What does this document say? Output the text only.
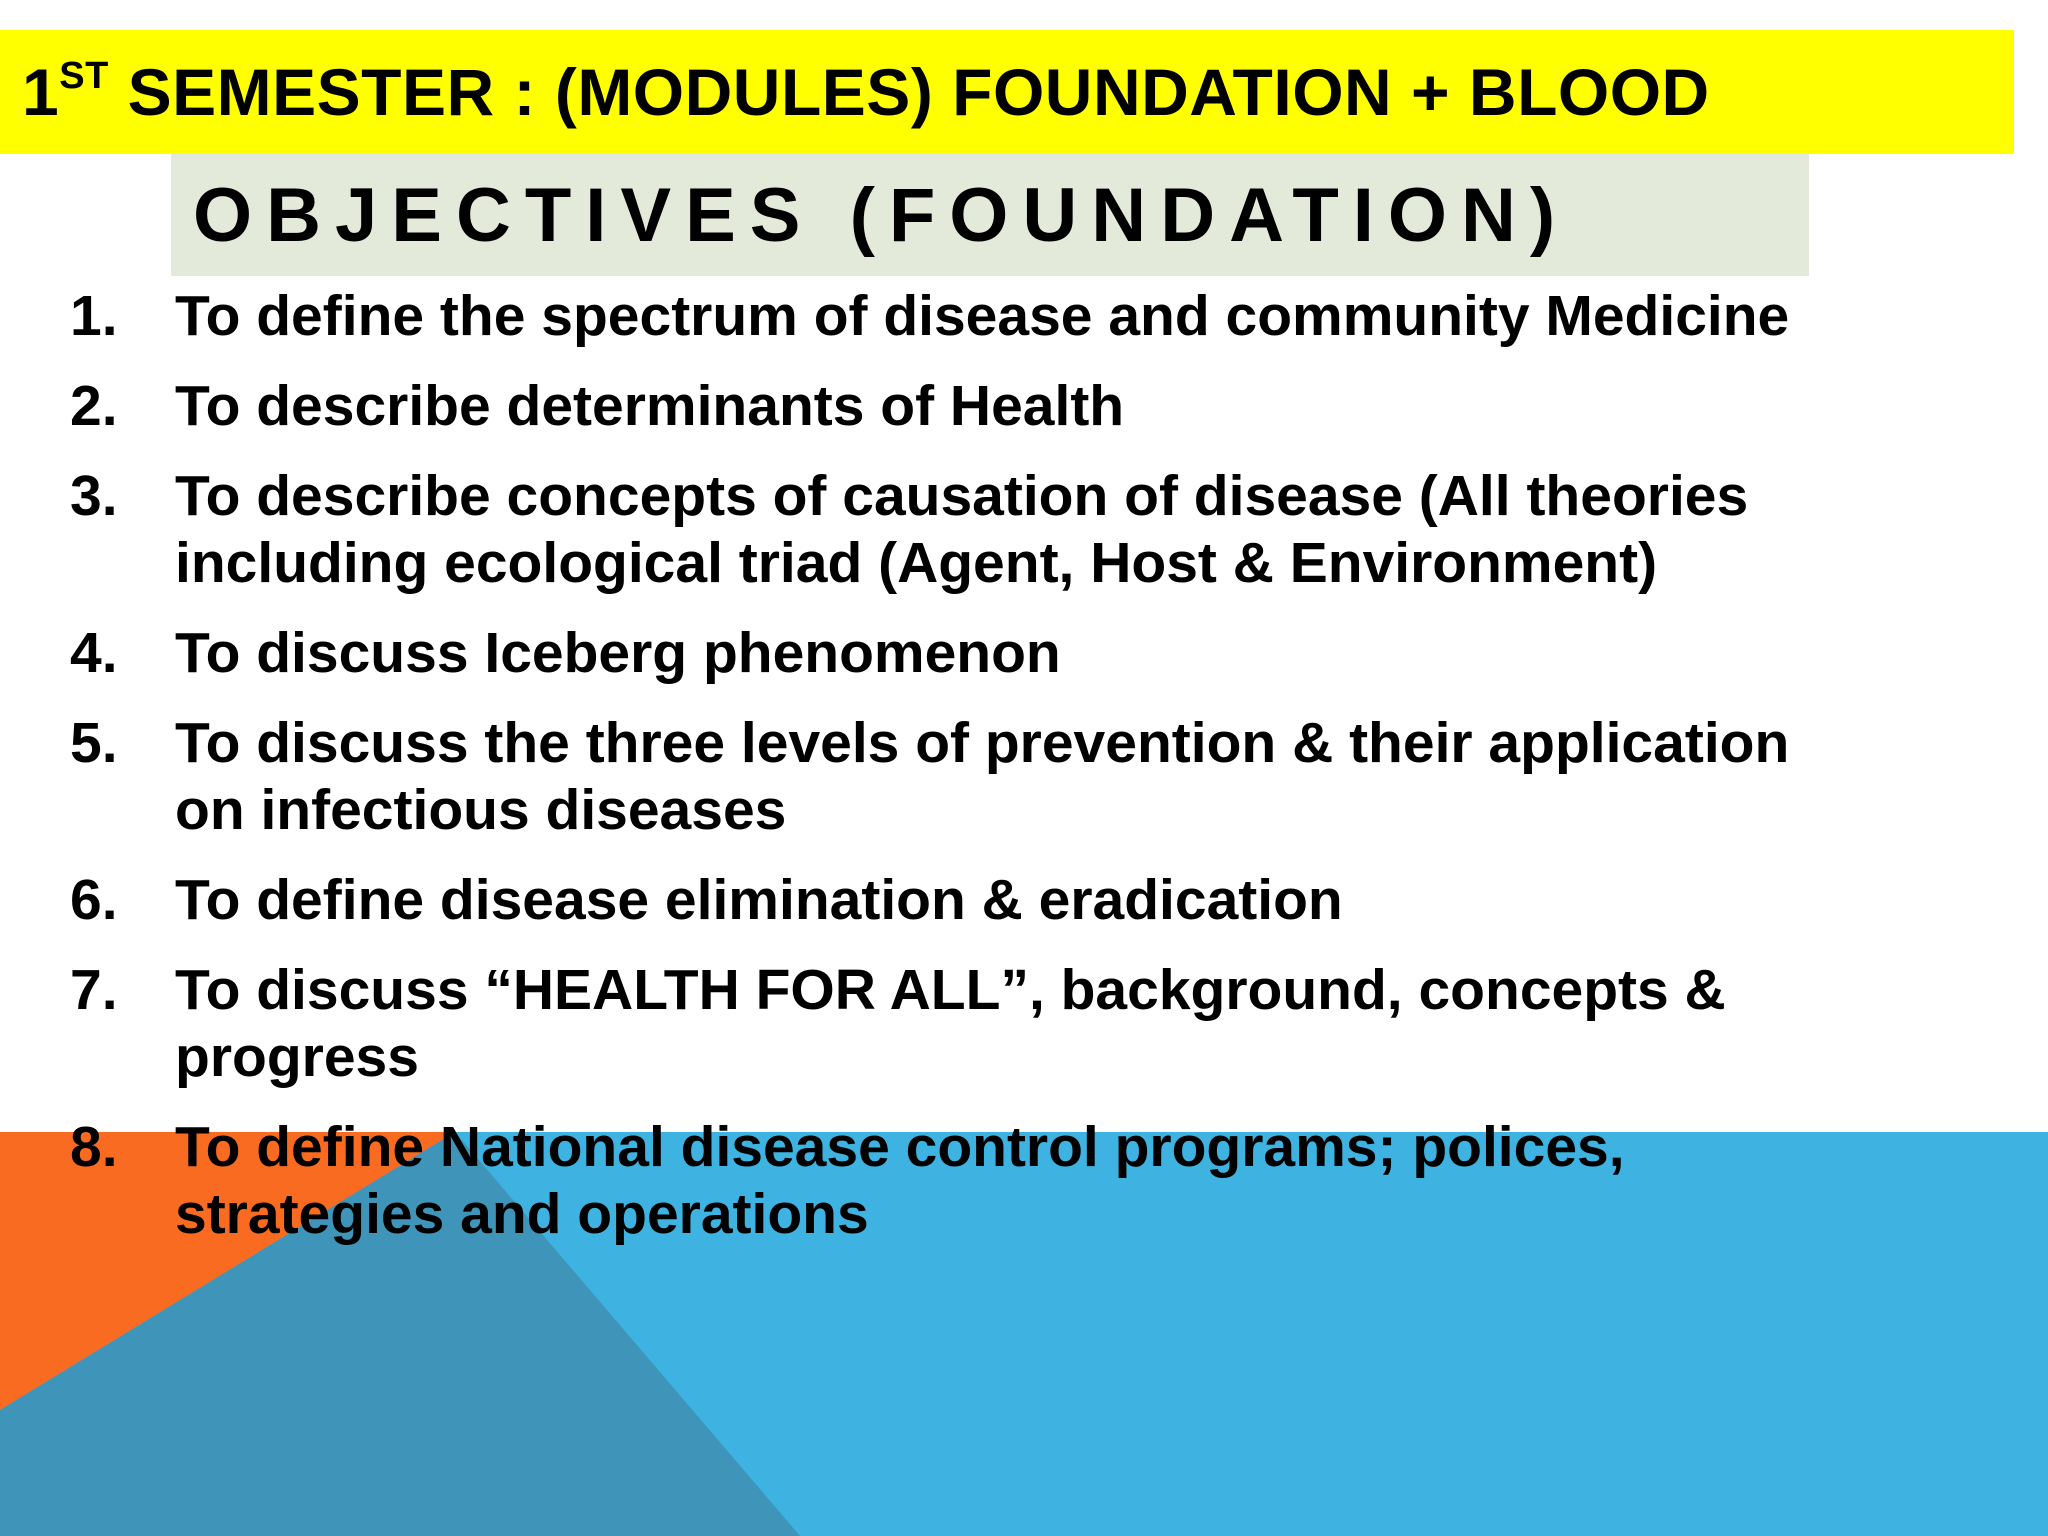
1ST SEMESTER : (MODULES) FOUNDATION + BLOOD
OBJECTIVES (FOUNDATION)
1.	To define the spectrum of disease and community Medicine
2.	To describe determinants of Health
3.	To describe concepts of causation of disease (All theories
including ecological triad (Agent, Host & Environment)
4.	To discuss Iceberg phenomenon
5.	To discuss the three levels of prevention & their application
on infectious diseases
6.	To define disease elimination & eradication
7.	To discuss “HEALTH FOR ALL”, background, concepts &
progress
8.	To define National disease control programs; polices,
strategies and operations
